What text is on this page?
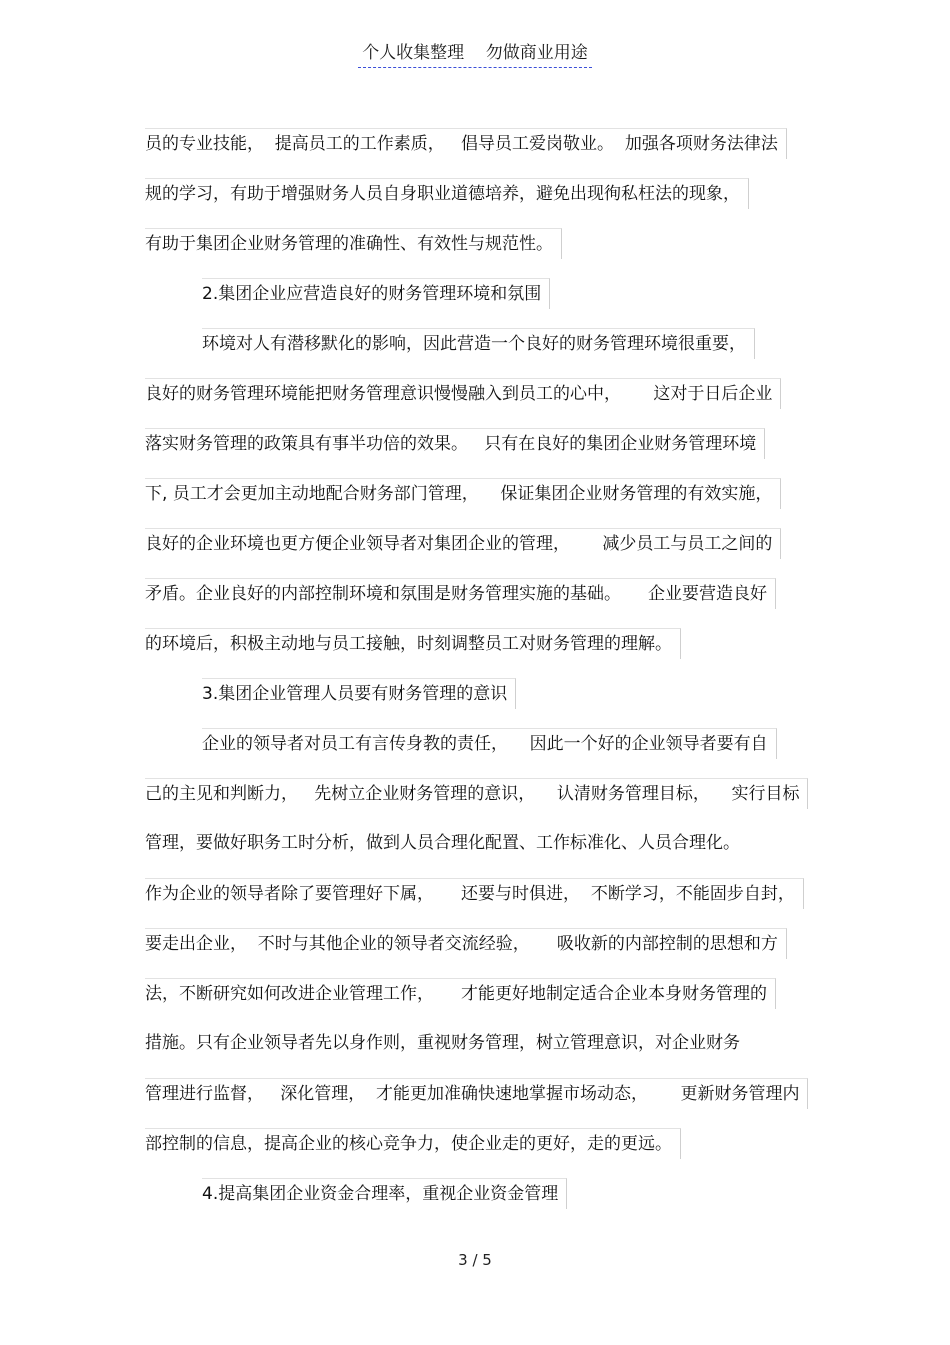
个人收集整理    勿做商业用途
员的专业技能，  提高员工的工作素质，   倡导员工爱岗敬业。  加强各项财务法律法
规的学习，有助于增强财务人员自身职业道德培养，避免出现徇私枉法的现象，
有助于集团企业财务管理的准确性、有效性与规范性。
2.集团企业应营造良好的财务管理环境和氛围
环境对人有潜移默化的影响，因此营造一个良好的财务管理环境很重要，
良好的财务管理环境能把财务管理意识慢慢融入到员工的心中，      这对于日后企业
落实财务管理的政策具有事半功倍的效果。   只有在良好的集团企业财务管理环境
下, 员工才会更加主动地配合财务部门管理，    保证集团企业财务管理的有效实施，
良好的企业环境也更方便企业领导者对集团企业的管理，      减少员工与员工之间的
矛盾。企业良好的内部控制环境和氛围是财务管理实施的基础。     企业要营造良好
的环境后，积极主动地与员工接触，时刻调整员工对财务管理的理解。
3.集团企业管理人员要有财务管理的意识
企业的领导者对员工有言传身教的责任，    因此一个好的企业领导者要有自
己的主见和判断力，   先树立企业财务管理的意识，    认清财务管理目标，    实行目标
管理，要做好职务工时分析，做到人员合理化配置、工作标准化、人员合理化。
作为企业的领导者除了要管理好下属，     还要与时俱进，  不断学习，不能固步自封，
要走出企业，  不时与其他企业的领导者交流经验，     吸收新的内部控制的思想和方
法，不断研究如何改进企业管理工作，     才能更好地制定适合企业本身财务管理的
措施。只有企业领导者先以身作则，重视财务管理，树立管理意识，对企业财务
管理进行监督，   深化管理，  才能更加准确快速地掌握市场动态，      更新财务管理内
部控制的信息，提高企业的核心竞争力，使企业走的更好，走的更远。
4.提高集团企业资金合理率，重视企业资金管理
3 / 5
